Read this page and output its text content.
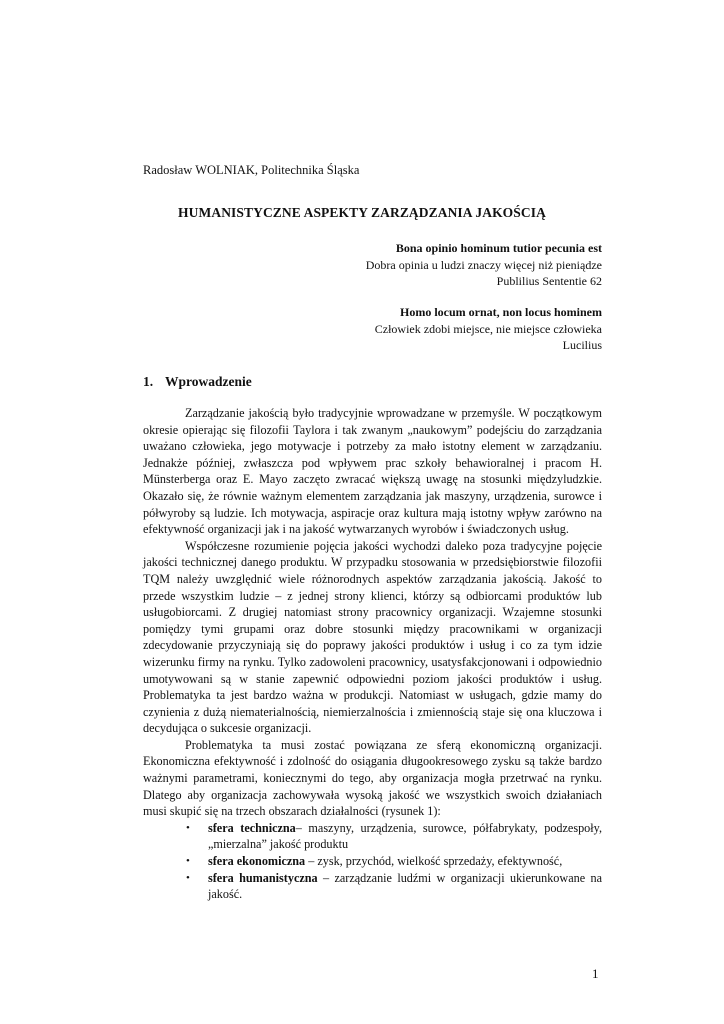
Radosław WOLNIAK, Politechnika Śląska
HUMANISTYCZNE ASPEKTY ZARZĄDZANIA JAKOŚCIĄ
Bona opinio hominum tutior pecunia est
Dobra opinia u ludzi znaczy więcej niż pieniądze
Publilius Sententie 62
Homo locum ornat, non locus hominem
Człowiek zdobi miejsce, nie miejsce człowieka
Lucilius
1. Wprowadzenie

Zarządzanie jakością było tradycyjnie wprowadzane w przemyśle. W początkowym okresie opierając się filozofii Taylora i tak zwanym „naukowym” podejściu do zarządzania uważano człowieka, jego motywacje i potrzeby za mało istotny element w zarządzaniu. Jednakże później, zwłaszcza pod wpływem prac szkoły behawioralnej i pracom H. Münsterberga oraz E. Mayo zaczęto zwracać większą uwagę na stosunki międzyludzkie. Okazało się, że równie ważnym elementem zarządzania jak maszyny, urządzenia, surowce i półwyroby są ludzie. Ich motywacja, aspiracje oraz kultura mają istotny wpływ zarówno na efektywność organizacji jak i na jakość wytwarzanych wyrobów i świadczonych usług.

Współczesne rozumienie pojęcia jakości wychodzi daleko poza tradycyjne pojęcie jakości technicznej danego produktu. W przypadku stosowania w przedsiębiorstwie filozofii TQM należy uwzględnić wiele różnorodnych aspektów zarządzania jakością. Jakość to przede wszystkim ludzie – z jednej strony klienci, którzy są odbiorcami produktów lub usługobiorcami. Z drugiej natomiast strony pracownicy organizacji. Wzajemne stosunki pomiędzy tymi grupami oraz dobre stosunki między pracownikami w organizacji zdecydowanie przyczyniają się do poprawy jakości produktów i usług i co za tym idzie wizerunku firmy na rynku. Tylko zadowoleni pracownicy, usatysfakcjonowani i odpowiednio umotywowani są w stanie zapewnić odpowiedni poziom jakości produktów i usług. Problematyka ta jest bardzo ważna w produkcji. Natomiast w usługach, gdzie mamy do czynienia z dużą niematerialnością, niemierzalnościa i zmiennością staje się ona kluczowa i decydująca o sukcesie organizacji.

Problematyka ta musi zostać powiązana ze sferą ekonomiczną organizacji. Ekonomiczna efektywność i zdolność do osiągania długookresowego zysku są także bardzo ważnymi parametrami, koniecznymi do tego, aby organizacja mogła przetrwać na rynku. Dlatego aby organizacja zachowywała wysoką jakość we wszystkich swoich działaniach musi skupić się na trzech obszarach działalności (rysunek 1):

• sfera techniczna– maszyny, urządzenia, surowce, półfabrykaty, podzespoły, „mierzalna” jakość produktu
• sfera ekonomiczna – zysk, przychód, wielkość sprzedaży, efektywność,
• sfera humanistyczna – zarządzanie ludźmi w organizacji ukierunkowane na jakość.
1
